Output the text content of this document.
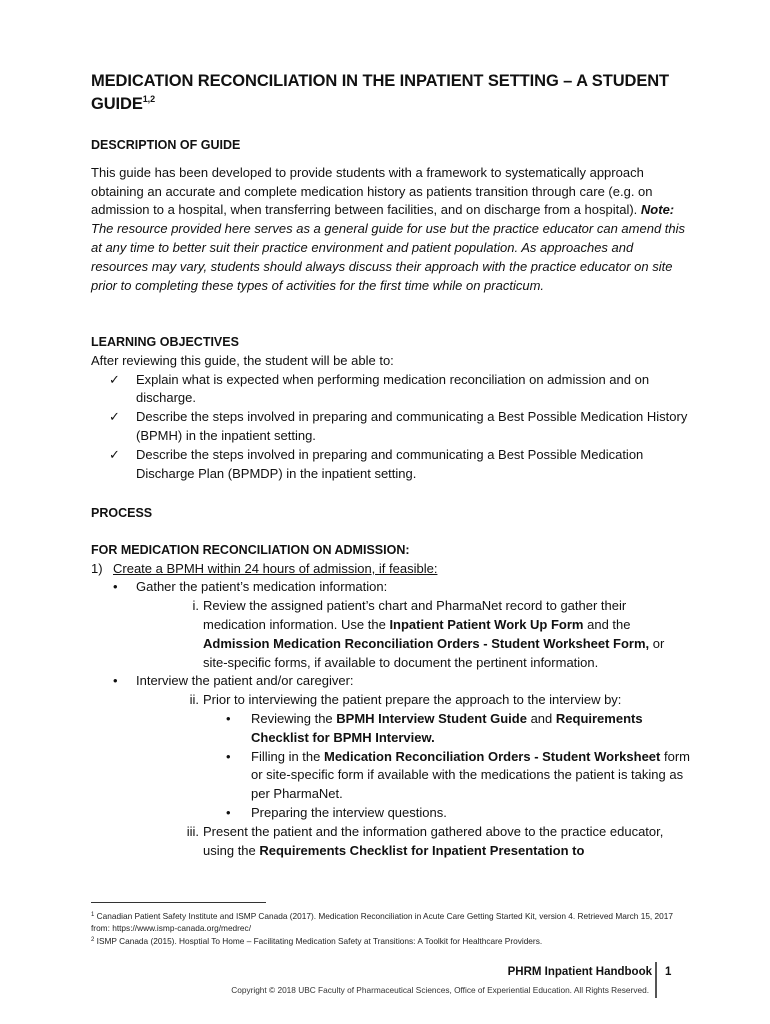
MEDICATION RECONCILIATION IN THE INPATIENT SETTING – A STUDENT GUIDE$^{1,2}$
DESCRIPTION OF GUIDE

This guide has been developed to provide students with a framework to systematically approach obtaining an accurate and complete medication history as patients transition through care (e.g. on admission to a hospital, when transferring between facilities, and on discharge from a hospital). Note: The resource provided here serves as a general guide for use but the practice educator can amend this at any time to better suit their practice environment and patient population. As approaches and resources may vary, students should always discuss their approach with the practice educator on site prior to completing these types of activities for the first time while on practicum.

LEARNING OBJECTIVES
After reviewing this guide, the student will be able to:
✓	Explain what is expected when performing medication reconciliation on admission and on discharge.
✓	Describe the steps involved in preparing and communicating a Best Possible Medication History (BPMH) in the inpatient setting.
✓	Describe the steps involved in preparing and communicating a Best Possible Medication Discharge Plan (BPMDP) in the inpatient setting.
PROCESS
FOR MEDICATION RECONCILIATION ON ADMISSION:
1) Create a BPMH within 24 hours of admission, if feasible:
•	Gather the patient’s medication information:
i. Review the assigned patient’s chart and PharmaNet record to gather their medication information. Use the Inpatient Patient Work Up Form and the Admission Medication Reconciliation Orders - Student Worksheet Form, or site-specific forms, if available to document the pertinent information.
•	Interview the patient and/or caregiver:
ii. Prior to interviewing the patient prepare the approach to the interview by:
•	Reviewing the BPMH Interview Student Guide and Requirements Checklist for BPMH Interview.
•	Filling in the Medication Reconciliation Orders - Student Worksheet form or site-specific form if available with the medications the patient is taking as per PharmaNet.
•	Preparing the interview questions.
iii. Present the patient and the information gathered above to the practice educator, using the Requirements Checklist for Inpatient Presentation to
$^1$ Canadian Patient Safety Institute and ISMP Canada (2017). Medication Reconciliation in Acute Care Getting Started Kit, version 4. Retrieved March 15, 2017 from: https://www.ismp-canada.org/medrec/
$^2$ ISMP Canada (2015). Hosptial To Home – Facilitating Medication Safety at Transitions: A Toolkit for Healthcare Providers.
PHRM Inpatient Handbook 1
Copyright © 2018 UBC Faculty of Pharmaceutical Sciences, Office of Experiential Education. All Rights Reserved.
